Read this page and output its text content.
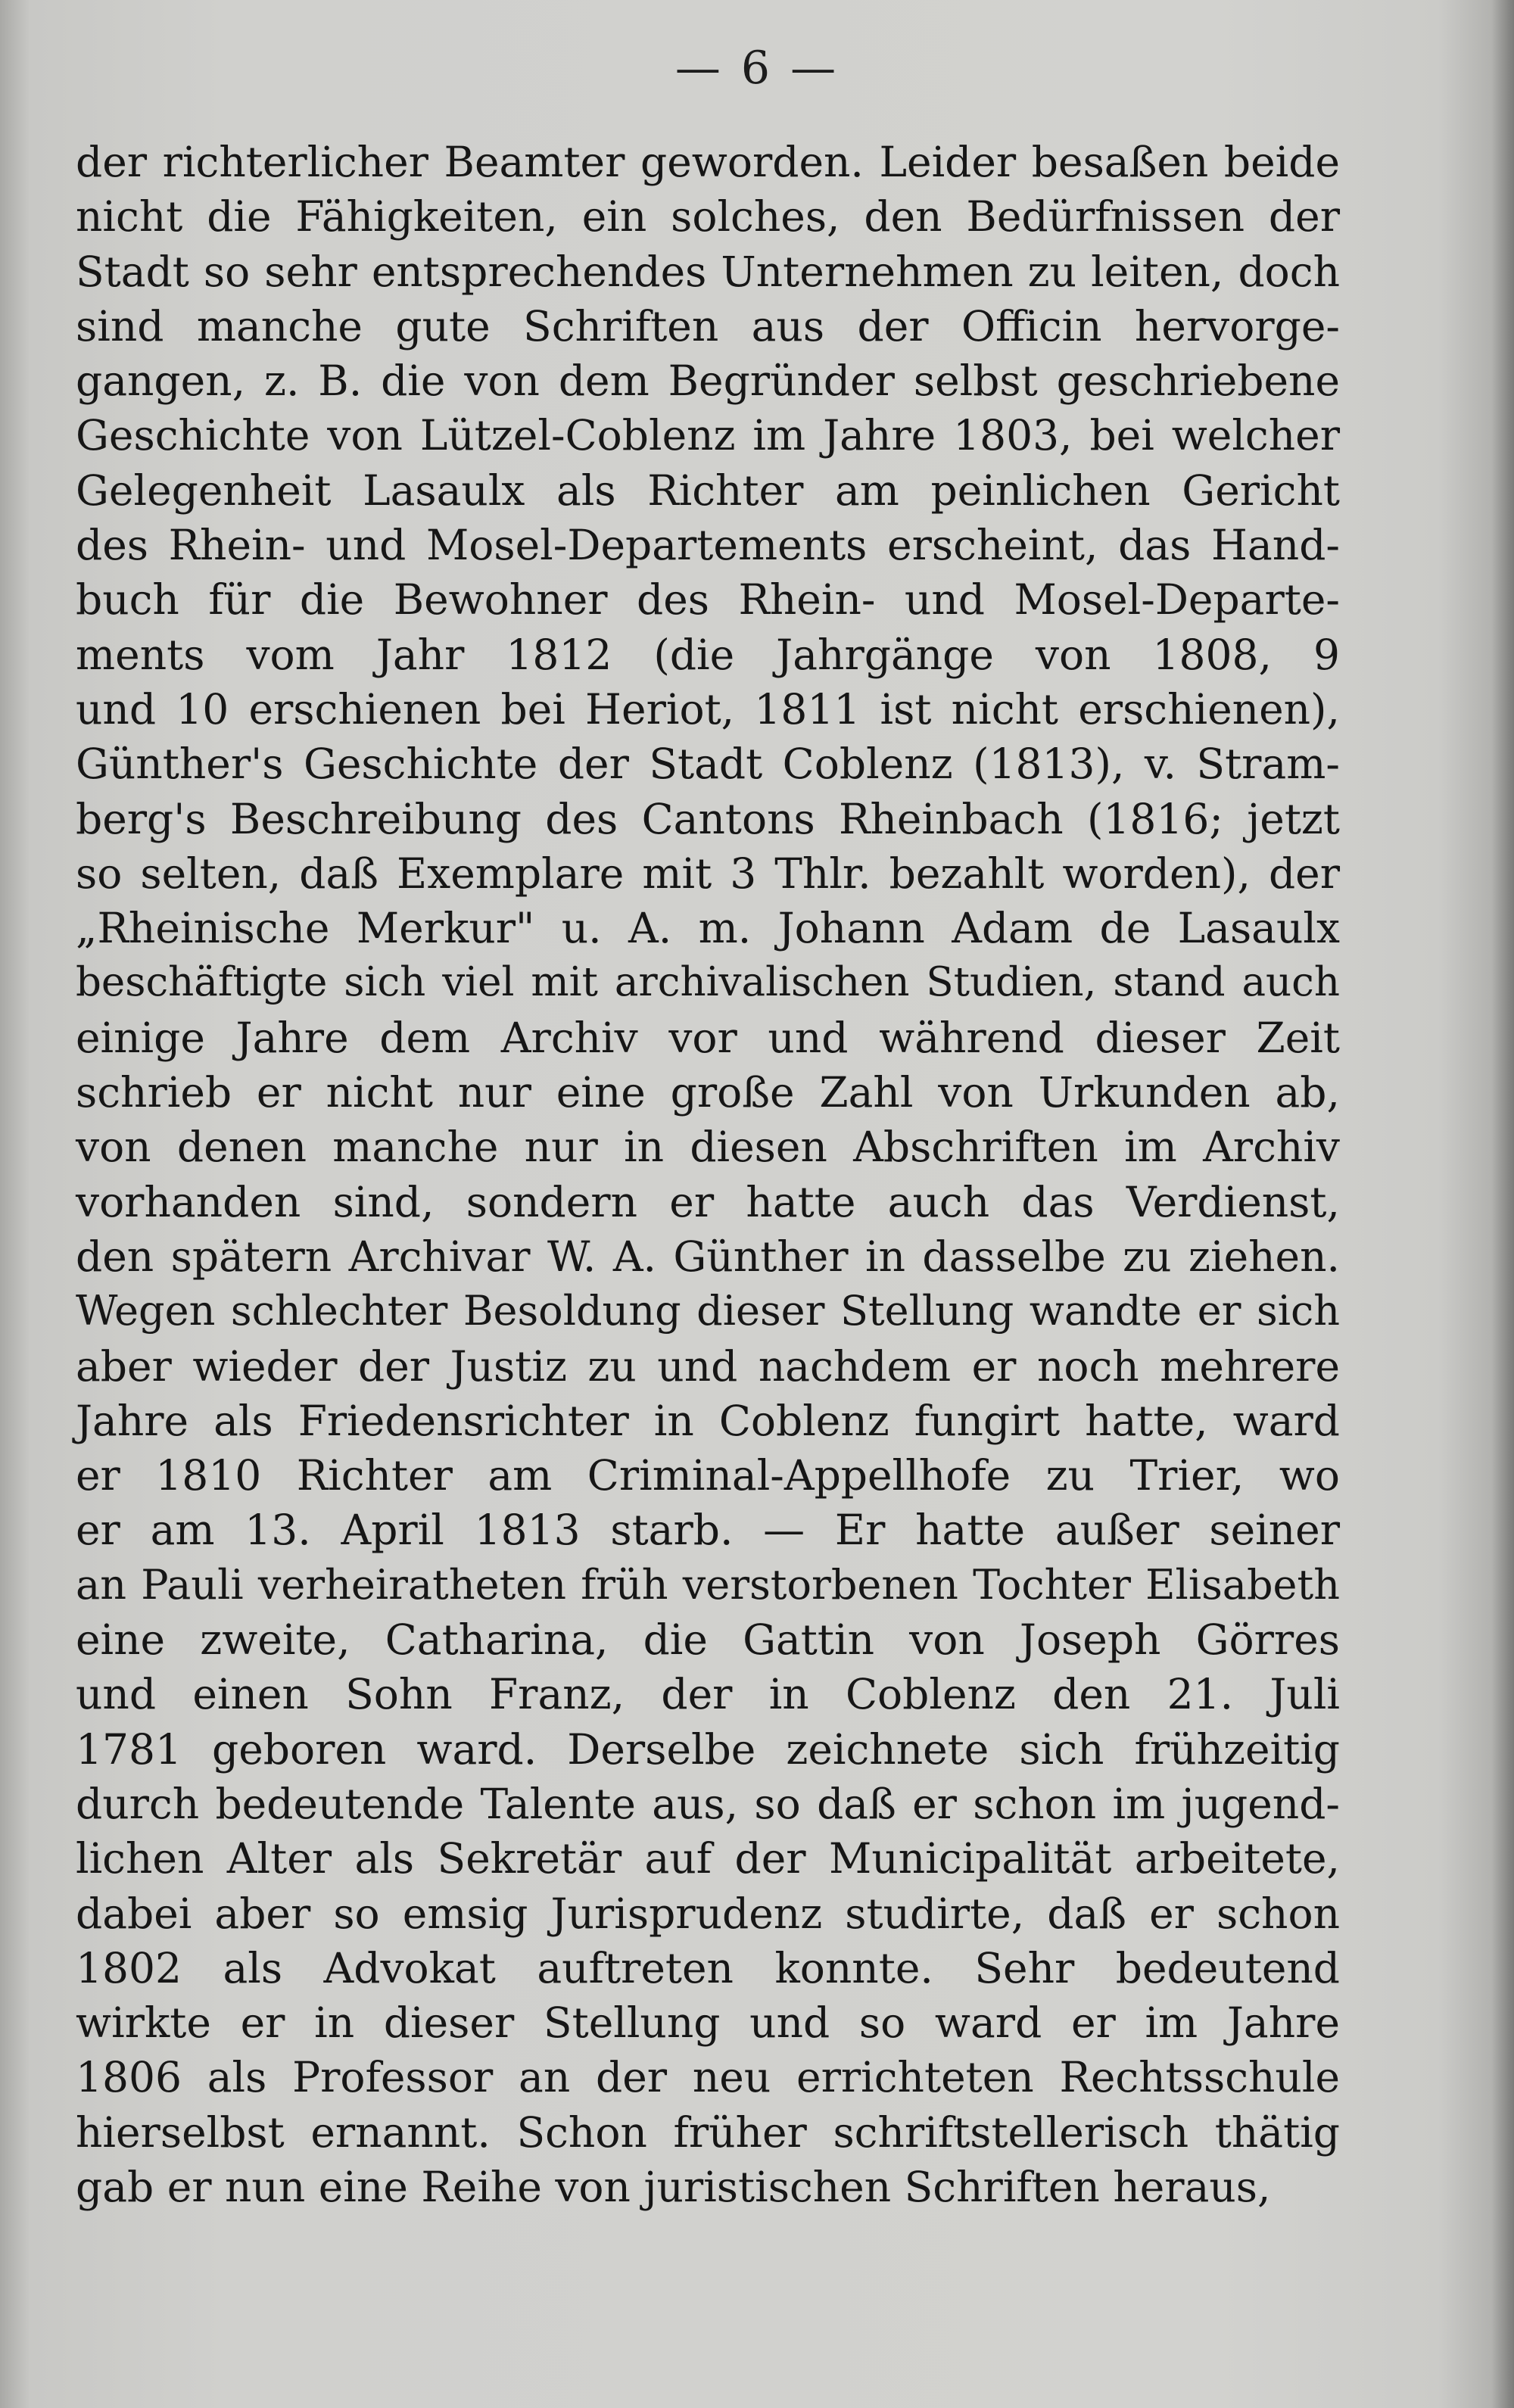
— 6 —
der richterlicher Beamter geworden. Leider besaßen beide
nicht die Fähigkeiten, ein solches, den Bedürfnissen der
Stadt so sehr entsprechendes Unternehmen zu leiten, doch
sind manche gute Schriften aus der Officin hervorge-
gangen, z. B. die von dem Begründer selbst geschriebene
Geschichte von Lützel-Coblenz im Jahre 1803, bei welcher
Gelegenheit Lasaulx als Richter am peinlichen Gericht
des Rhein- und Mosel-Departements erscheint, das Hand-
buch für die Bewohner des Rhein- und Mosel-Departe-
ments vom Jahr 1812 (die Jahrgänge von 1808, 9
und 10 erschienen bei Heriot, 1811 ist nicht erschienen),
Günther's Geschichte der Stadt Coblenz (1813), v. Stram-
berg's Beschreibung des Cantons Rheinbach (1816; jetzt
so selten, daß Exemplare mit 3 Thlr. bezahlt worden), der
„Rheinische Merkur" u. A. m. Johann Adam de Lasaulx
beschäftigte sich viel mit archivalischen Studien, stand auch
einige Jahre dem Archiv vor und während dieser Zeit
schrieb er nicht nur eine große Zahl von Urkunden ab,
von denen manche nur in diesen Abschriften im Archiv
vorhanden sind, sondern er hatte auch das Verdienst,
den spätern Archivar W. A. Günther in dasselbe zu ziehen.
Wegen schlechter Besoldung dieser Stellung wandte er sich
aber wieder der Justiz zu und nachdem er noch mehrere
Jahre als Friedensrichter in Coblenz fungirt hatte, ward
er 1810 Richter am Criminal-Appellhofe zu Trier, wo
er am 13. April 1813 starb. — Er hatte außer seiner
an Pauli verheiratheten früh verstorbenen Tochter Elisabeth
eine zweite, Catharina, die Gattin von Joseph Görres
und einen Sohn Franz, der in Coblenz den 21. Juli
1781 geboren ward. Derselbe zeichnete sich frühzeitig
durch bedeutende Talente aus, so daß er schon im jugend-
lichen Alter als Sekretär auf der Municipalität arbeitete,
dabei aber so emsig Jurisprudenz studirte, daß er schon
1802 als Advokat auftreten konnte. Sehr bedeutend
wirkte er in dieser Stellung und so ward er im Jahre
1806 als Professor an der neu errichteten Rechtsschule
hierselbst ernannt. Schon früher schriftstellerisch thätig
gab er nun eine Reihe von juristischen Schriften heraus,
